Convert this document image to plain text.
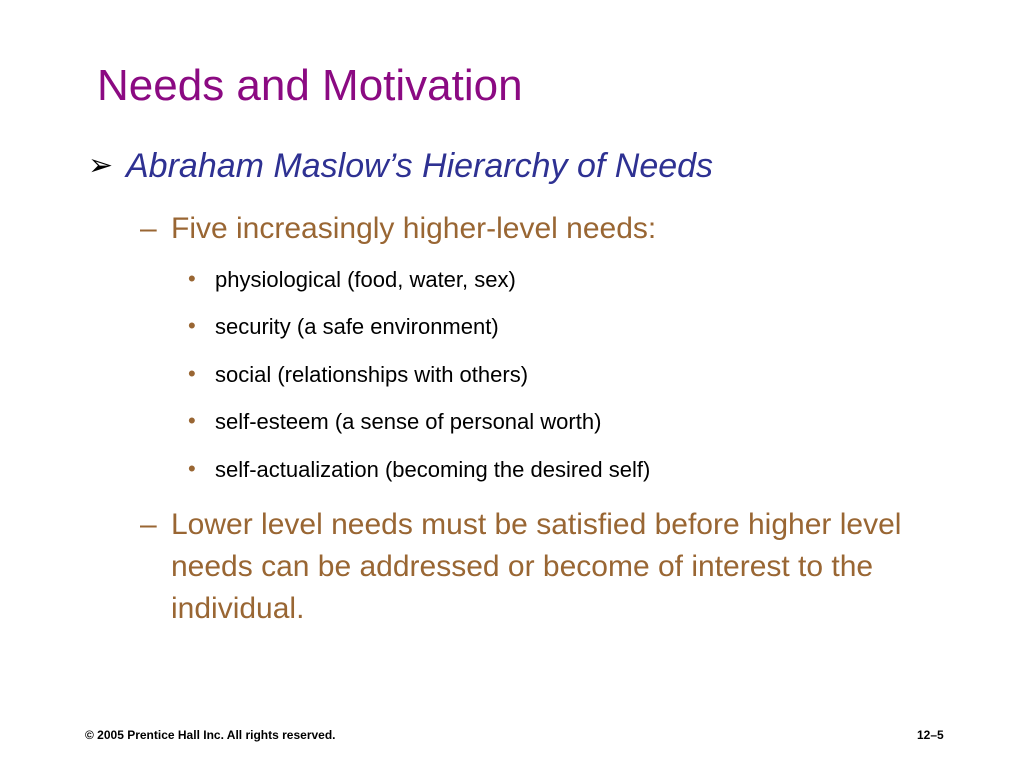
Needs and Motivation
➢ Abraham Maslow’s Hierarchy of Needs
– Five increasingly higher-level needs:
• physiological (food, water, sex)
• security (a safe environment)
• social (relationships with others)
• self-esteem (a sense of personal worth)
• self-actualization (becoming the desired self)
– Lower level needs must be satisfied before higher level needs can be addressed or become of interest to the individual.
© 2005 Prentice Hall Inc. All rights reserved.	12–5
